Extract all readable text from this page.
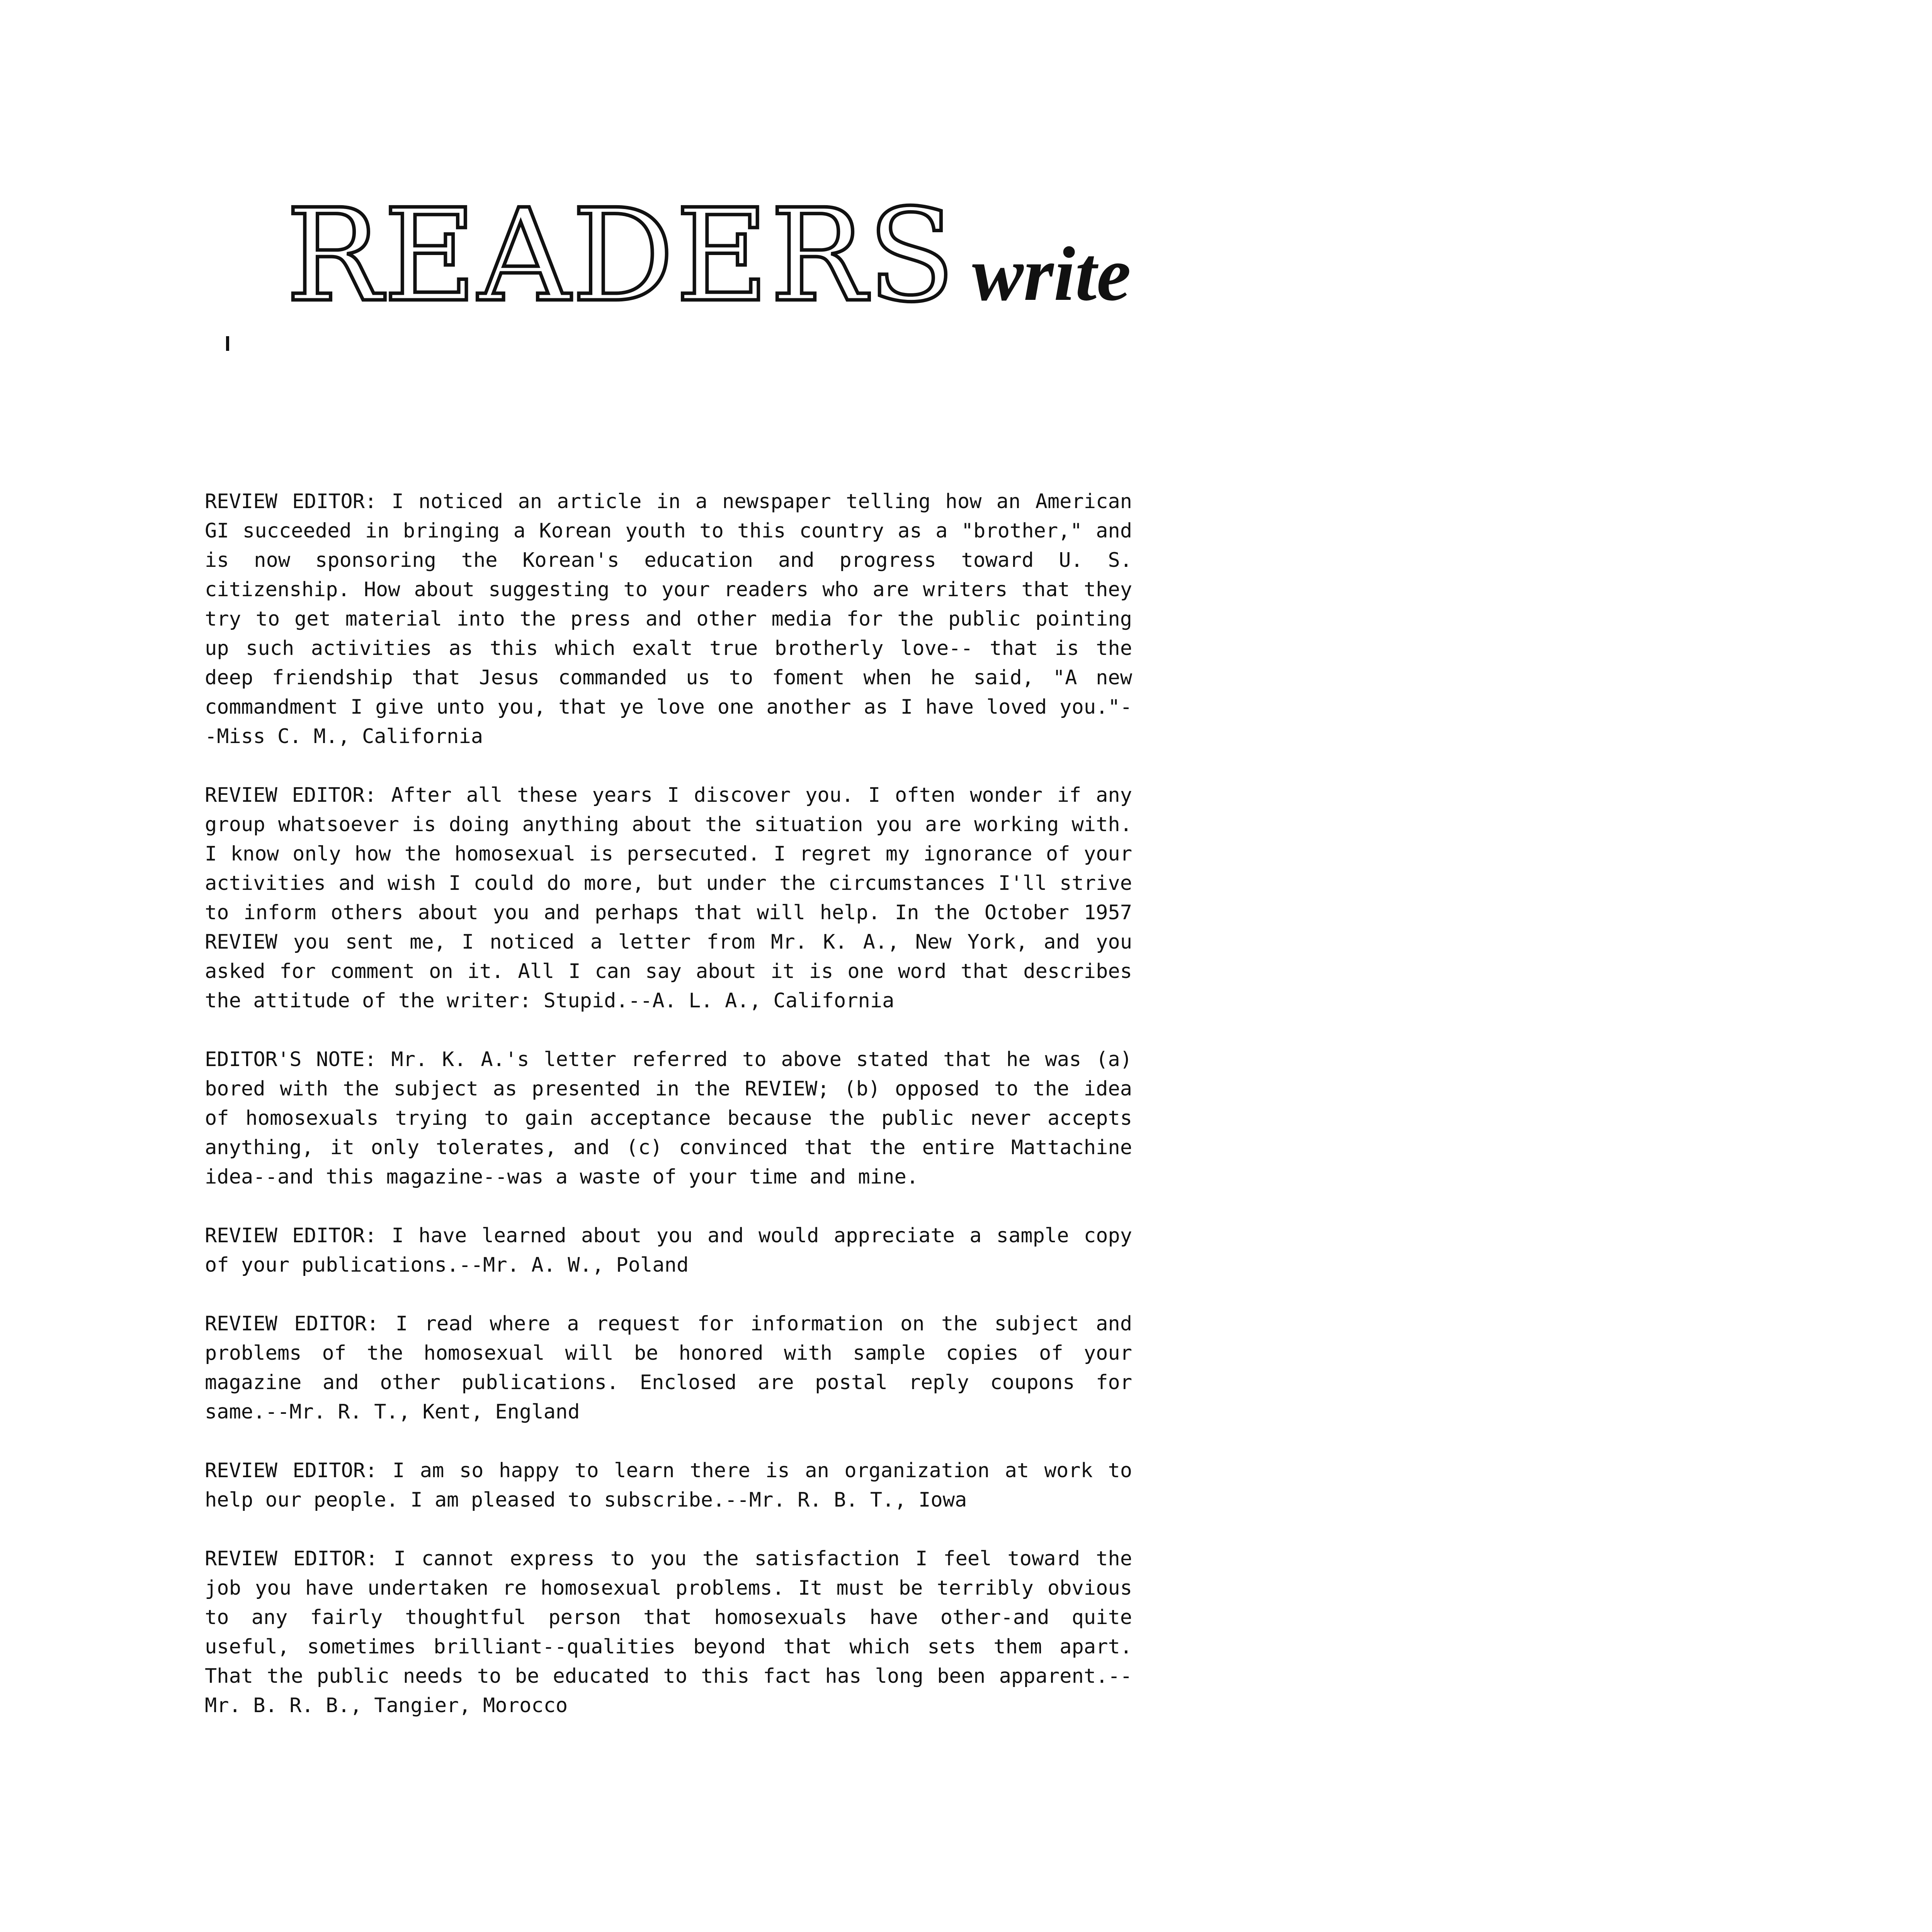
READERS write

REVIEW EDITOR: I noticed an article in a newspaper telling how an American GI succeeded in bringing a Korean youth to this country as a "brother," and is now sponsoring the Korean's education and progress toward U. S. citizenship. How about suggesting to your readers who are writers that they try to get material into the press and other media for the public pointing up such activities as this which exalt true brotherly love-- that is the deep friendship that Jesus commanded us to foment when he said, "A new commandment I give unto you, that ye love one another as I have loved you."--Miss C. M., California

REVIEW EDITOR: After all these years I discover you. I often wonder if any group whatsoever is doing anything about the situation you are working with. I know only how the homosexual is persecuted. I regret my ignorance of your activities and wish I could do more, but under the circumstances I'll strive to inform others about you and perhaps that will help. In the October 1957 REVIEW you sent me, I noticed a letter from Mr. K. A., New York, and you asked for comment on it. All I can say about it is one word that describes the attitude of the writer: Stupid.--A. L. A., California

EDITOR'S NOTE: Mr. K. A.'s letter referred to above stated that he was (a) bored with the subject as presented in the REVIEW; (b) opposed to the idea of homosexuals trying to gain acceptance because the public never accepts anything, it only tolerates, and (c) convinced that the entire Mattachine idea--and this magazine--was a waste of your time and mine.

REVIEW EDITOR: I have learned about you and would appreciate a sample copy of your publications.--Mr. A. W., Poland

REVIEW EDITOR: I read where a request for information on the subject and problems of the homosexual will be honored with sample copies of your magazine and other publications. Enclosed are postal reply coupons for same.--Mr. R. T., Kent, England

REVIEW EDITOR: I am so happy to learn there is an organization at work to help our people. I am pleased to subscribe.--Mr. R. B. T., Iowa

REVIEW EDITOR: I cannot express to you the satisfaction I feel toward the job you have undertaken re homosexual problems. It must be terribly obvious to any fairly thoughtful person that homosexuals have other-and quite useful, sometimes brilliant--qualities beyond that which sets them apart. That the public needs to be educated to this fact has long been apparent.-- Mr. B. R. B., Tangier, Morocco
